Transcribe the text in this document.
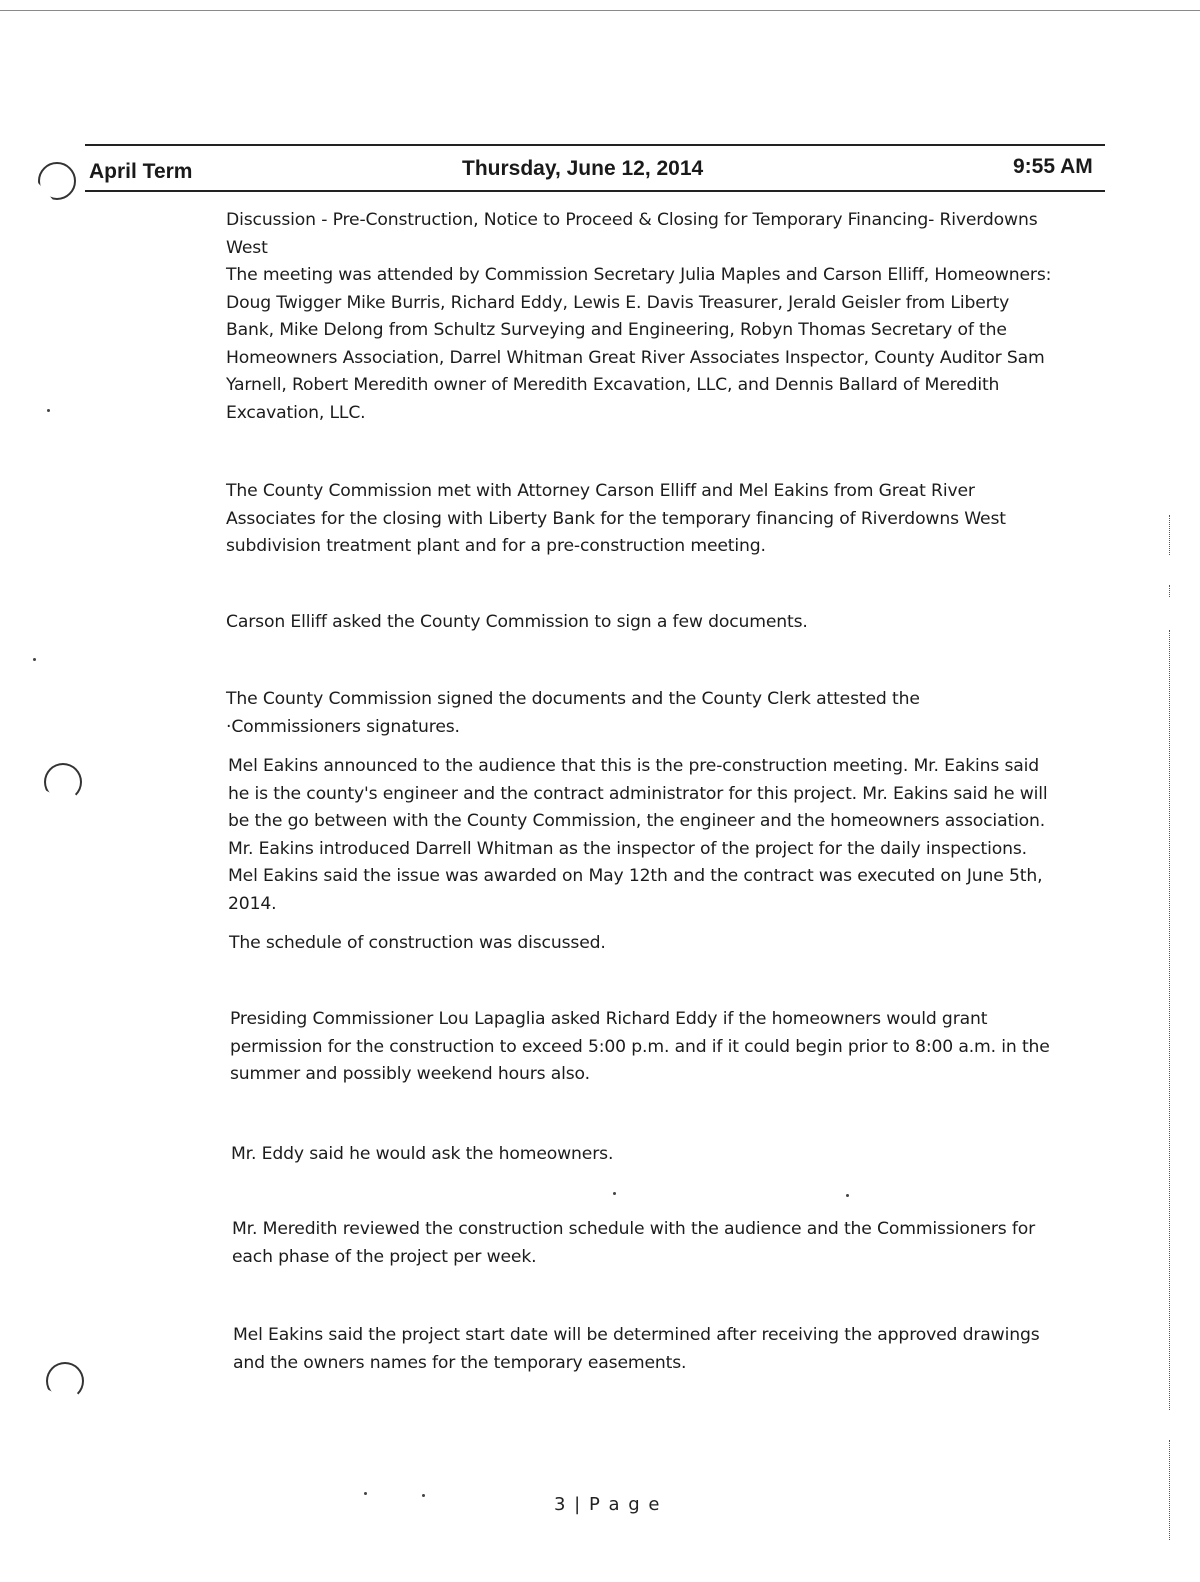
April Term	Thursday, June 12, 2014	9:55 AM

Discussion - Pre-Construction, Notice to Proceed & Closing for Temporary Financing- Riverdowns West

The meeting was attended by Commission Secretary Julia Maples and Carson Elliff, Homeowners: Doug Twigger Mike Burris, Richard Eddy, Lewis E. Davis Treasurer, Jerald Geisler from Liberty Bank, Mike Delong from Schultz Surveying and Engineering, Robyn Thomas Secretary of the Homeowners Association, Darrel Whitman Great River Associates Inspector, County Auditor Sam Yarnell, Robert Meredith owner of Meredith Excavation, LLC, and Dennis Ballard of Meredith Excavation, LLC.

The County Commission met with Attorney Carson Elliff and Mel Eakins from Great River Associates for the closing with Liberty Bank for the temporary financing of Riverdowns West subdivision treatment plant and for a pre-construction meeting.

Carson Elliff asked the County Commission to sign a few documents.

The County Commission signed the documents and the County Clerk attested the ·Commissioners signatures.

Mel Eakins announced to the audience that this is the pre-construction meeting. Mr. Eakins said he is the county's engineer and the contract administrator for this project. Mr. Eakins said he will be the go between with the County Commission, the engineer and the homeowners association. Mr. Eakins introduced Darrell Whitman as the inspector of the project for the daily inspections. Mel Eakins said the issue was awarded on May 12th and the contract was executed on June 5th, 2014.

The schedule of construction was discussed.

Presiding Commissioner Lou Lapaglia asked Richard Eddy if the homeowners would grant permission for the construction to exceed 5:00 p.m. and if it could begin prior to 8:00 a.m. in the summer and possibly weekend hours also.

Mr. Eddy said he would ask the homeowners.

Mr. Meredith reviewed the construction schedule with the audience and the Commissioners for each phase of the project per week.

Mel Eakins said the project start date will be determined after receiving the approved drawings and the owners names for the temporary easements.

3 | P a g e
